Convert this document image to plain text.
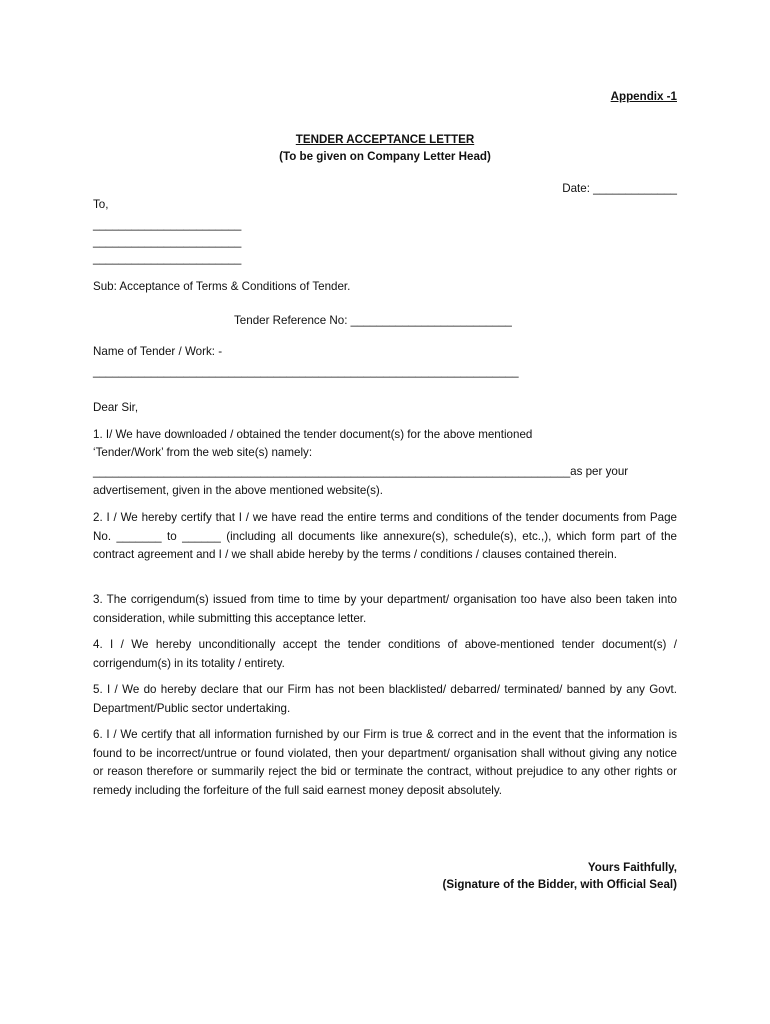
Appendix -1

TENDER ACCEPTANCE LETTER

(To be given on Company Letter Head)

Date: _____________

To,

_______________________

_______________________

_______________________

Sub: Acceptance of Terms & Conditions of Tender.

Tender Reference No: _________________________

Name of Tender / Work: -

__________________________________________________________________

Dear Sir,

1. I/ We have downloaded / obtained the tender document(s) for the above mentioned

‘Tender/Work’ from the web site(s) namely:

__________________________________________________________________________as per your

advertisement, given in the above mentioned website(s).

2. I / We hereby certify that I / we have read the entire terms and conditions of the tender documents from Page No. _______ to ______ (including all documents like annexure(s), schedule(s), etc.,), which form part of the contract agreement and I / we shall abide hereby by the terms / conditions / clauses contained therein.

3. The corrigendum(s) issued from time to time by your department/ organisation too have also been taken into consideration, while submitting this acceptance letter.

4. I / We hereby unconditionally accept the tender conditions of above-mentioned tender document(s) / corrigendum(s) in its totality / entirety.

5. I / We do hereby declare that our Firm has not been blacklisted/ debarred/ terminated/ banned by any Govt. Department/Public sector undertaking.

6. I / We certify that all information furnished by our Firm is true & correct and in the event that the information is found to be incorrect/untrue or found violated, then your department/ organisation shall without giving any notice or reason therefore or summarily reject the bid or terminate the contract, without prejudice to any other rights or remedy including the forfeiture of the full said earnest money deposit absolutely.

Yours Faithfully,

(Signature of the Bidder, with Official Seal)
